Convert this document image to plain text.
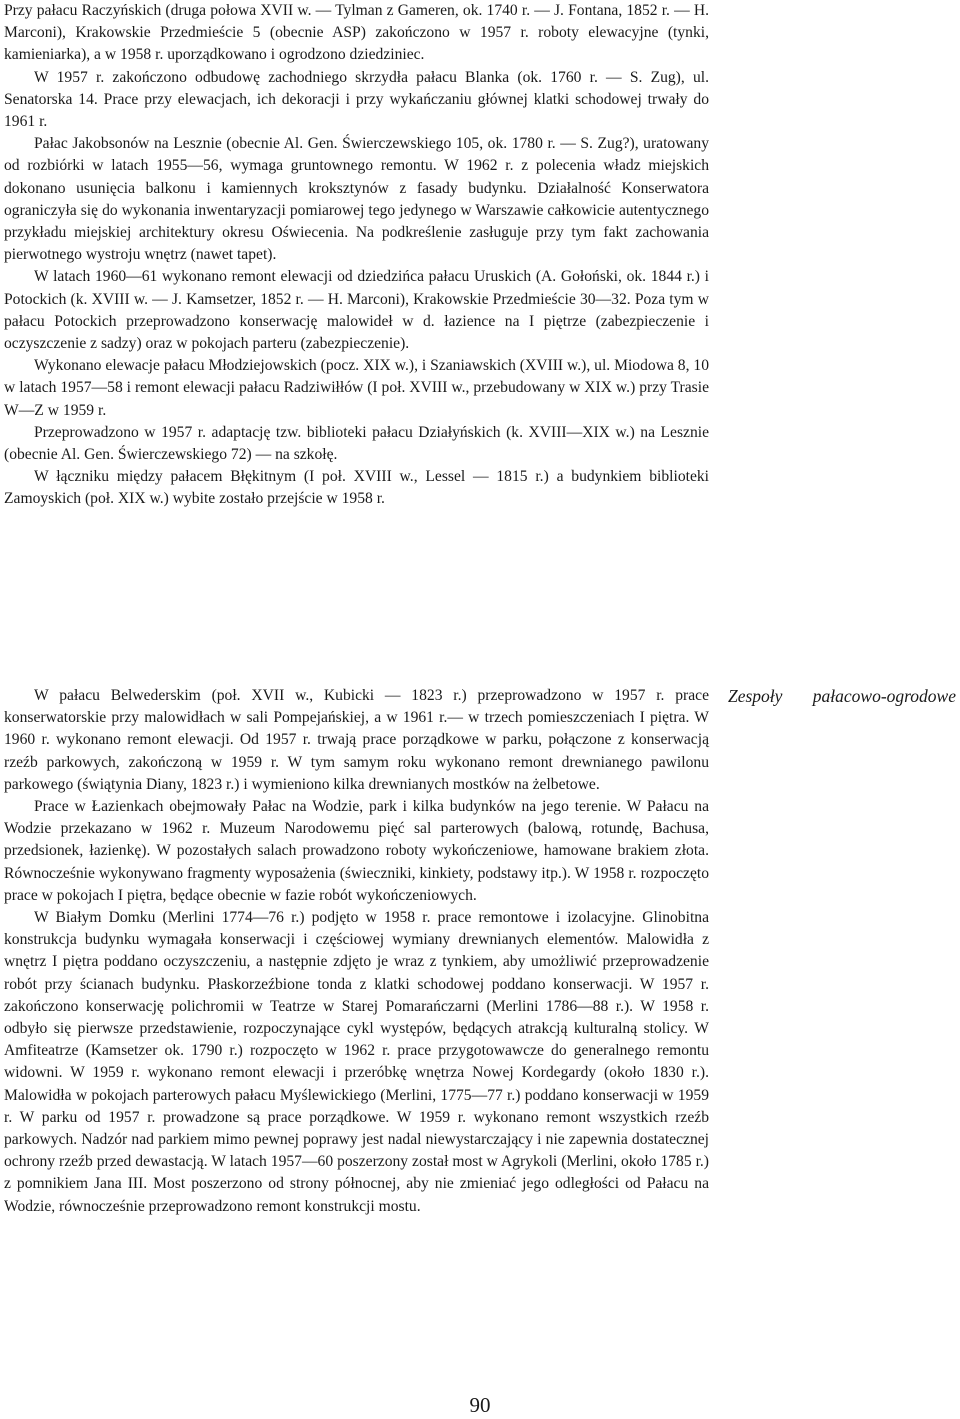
Przy pałacu Raczyńskich (druga połowa XVII w. — Tylman z Gameren, ok. 1740 r. — J. Fontana, 1852 r. — H. Marconi), Krakowskie Przedmieście 5 (obecnie ASP) zakończono w 1957 r. roboty elewacyjne (tynki, kamieniarka), a w 1958 r. uporządkowano i ogrodzono dziedziniec.

W 1957 r. zakończono odbudowę zachodniego skrzydła pałacu Blanka (ok. 1760 r. — S. Zug), ul. Senatorska 14. Prace przy elewacjach, ich dekoracji i przy wykańczaniu głównej klatki schodowej trwały do 1961 r.

Pałac Jakobsonów na Lesznie (obecnie Al. Gen. Świerczewskiego 105, ok. 1780 r. — S. Zug?), uratowany od rozbiórki w latach 1955—56, wymaga gruntownego remontu. W 1962 r. z polecenia władz miejskich dokonano usunięcia balkonu i kamiennych kroksztynów z fasady budynku. Działalność Konserwatora ograniczyła się do wykonania inwentaryzacji pomiarowej tego jedynego w Warszawie całkowicie autentycznego przykładu miejskiej architektury okresu Oświecenia. Na podkreślenie zasługuje przy tym fakt zachowania pierwotnego wystroju wnętrz (nawet tapet).

W latach 1960—61 wykonano remont elewacji od dziedzińca pałacu Uruskich (A. Gołoński, ok. 1844 r.) i Potockich (k. XVIII w. — J. Kamsetzer, 1852 r. — H. Marconi), Krakowskie Przedmieście 30—32. Poza tym w pałacu Potockich przeprowadzono konserwację malowideł w d. łazience na I piętrze (zabezpieczenie i oczyszczenie z sadzy) oraz w pokojach parteru (zabezpieczenie).

Wykonano elewacje pałacu Młodziejowskich (pocz. XIX w.), i Szaniawskich (XVIII w.), ul. Miodowa 8, 10 w latach 1957—58 i remont elewacji pałacu Radziwiłłów (I poł. XVIII w., przebudowany w XIX w.) przy Trasie W—Z w 1959 r.

Przeprowadzono w 1957 r. adaptację tzw. biblioteki pałacu Działyńskich (k. XVIII—XIX w.) na Lesznie (obecnie Al. Gen. Świerczewskiego 72) — na szkołę.

W łączniku między pałacem Błękitnym (I poł. XVIII w., Lessel — 1815 r.) a budynkiem biblioteki Zamoyskich (poł. XIX w.) wybite zostało przejście w 1958 r.

W pałacu Belwederskim (poł. XVII w., Kubicki — 1823 r.) przeprowadzono w 1957 r. prace konserwatorskie przy malowidłach w sali Pompejańskiej, a w 1961 r.— w trzech pomieszczeniach I piętra. W 1960 r. wykonano remont elewacji. Od 1957 r. trwają prace porządkowe w parku, połączone z konserwacją rzeźb parkowych, zakończoną w 1959 r. W tym samym roku wykonano remont drewnianego pawilonu parkowego (świątynia Diany, 1823 r.) i wymieniono kilka drewnianych mostków na żelbetowe.

Prace w Łazienkach obejmowały Pałac na Wodzie, park i kilka budynków na jego terenie. W Pałacu na Wodzie przekazano w 1962 r. Muzeum Narodowemu pięć sal parterowych (balową, rotundę, Bachusa, przedsionek, łazienkę). W pozostałych salach prowadzono roboty wykończeniowe, hamowane brakiem złota. Równocześnie wykonywano fragmenty wyposażenia (świeczniki, kinkiety, podstawy itp.). W 1958 r. rozpoczęto prace w pokojach I piętra, będące obecnie w fazie robót wykończeniowych.

W Białym Domku (Merlini 1774—76 r.) podjęto w 1958 r. prace remontowe i izolacyjne. Glinobitna konstrukcja budynku wymagała konserwacji i częściowej wymiany drewnianych elementów. Malowidła z wnętrz I piętra poddano oczyszczeniu, a następnie zdjęto je wraz z tynkiem, aby umożliwić przeprowadzenie robót przy ścianach budynku. Płaskorzeźbione tonda z klatki schodowej poddano konserwacji. W 1957 r. zakończono konserwację polichromii w Teatrze w Starej Pomarańczarni (Merlini 1786—88 r.). W 1958 r. odbyło się pierwsze przedstawienie, rozpoczynające cykl występów, będących atrakcją kulturalną stolicy. W Amfiteatrze (Kamsetzer ok. 1790 r.) rozpoczęto w 1962 r. prace przygotowawcze do generalnego remontu widowni. W 1959 r. wykonano remont elewacji i przeróbkę wnętrza Nowej Kordegardy (około 1830 r.). Malowidła w pokojach parterowych pałacu Myślewickiego (Merlini, 1775—77 r.) poddano konserwacji w 1959 r. W parku od 1957 r. prowadzone są prace porządkowe. W 1959 r. wykonano remont wszystkich rzeźb parkowych. Nadzór nad parkiem mimo pewnej poprawy jest nadal niewystarczający i nie zapewnia dostatecznej ochrony rzeźb przed dewastacją. W latach 1957—60 poszerzony został most w Agrykoli (Merlini, około 1785 r.) z pomnikiem Jana III. Most poszerzono od strony północnej, aby nie zmieniać jego odległości od Pałacu na Wodzie, równocześnie przeprowadzono remont konstrukcji mostu.

Zespoły pałacowo-ogrodowe
90
